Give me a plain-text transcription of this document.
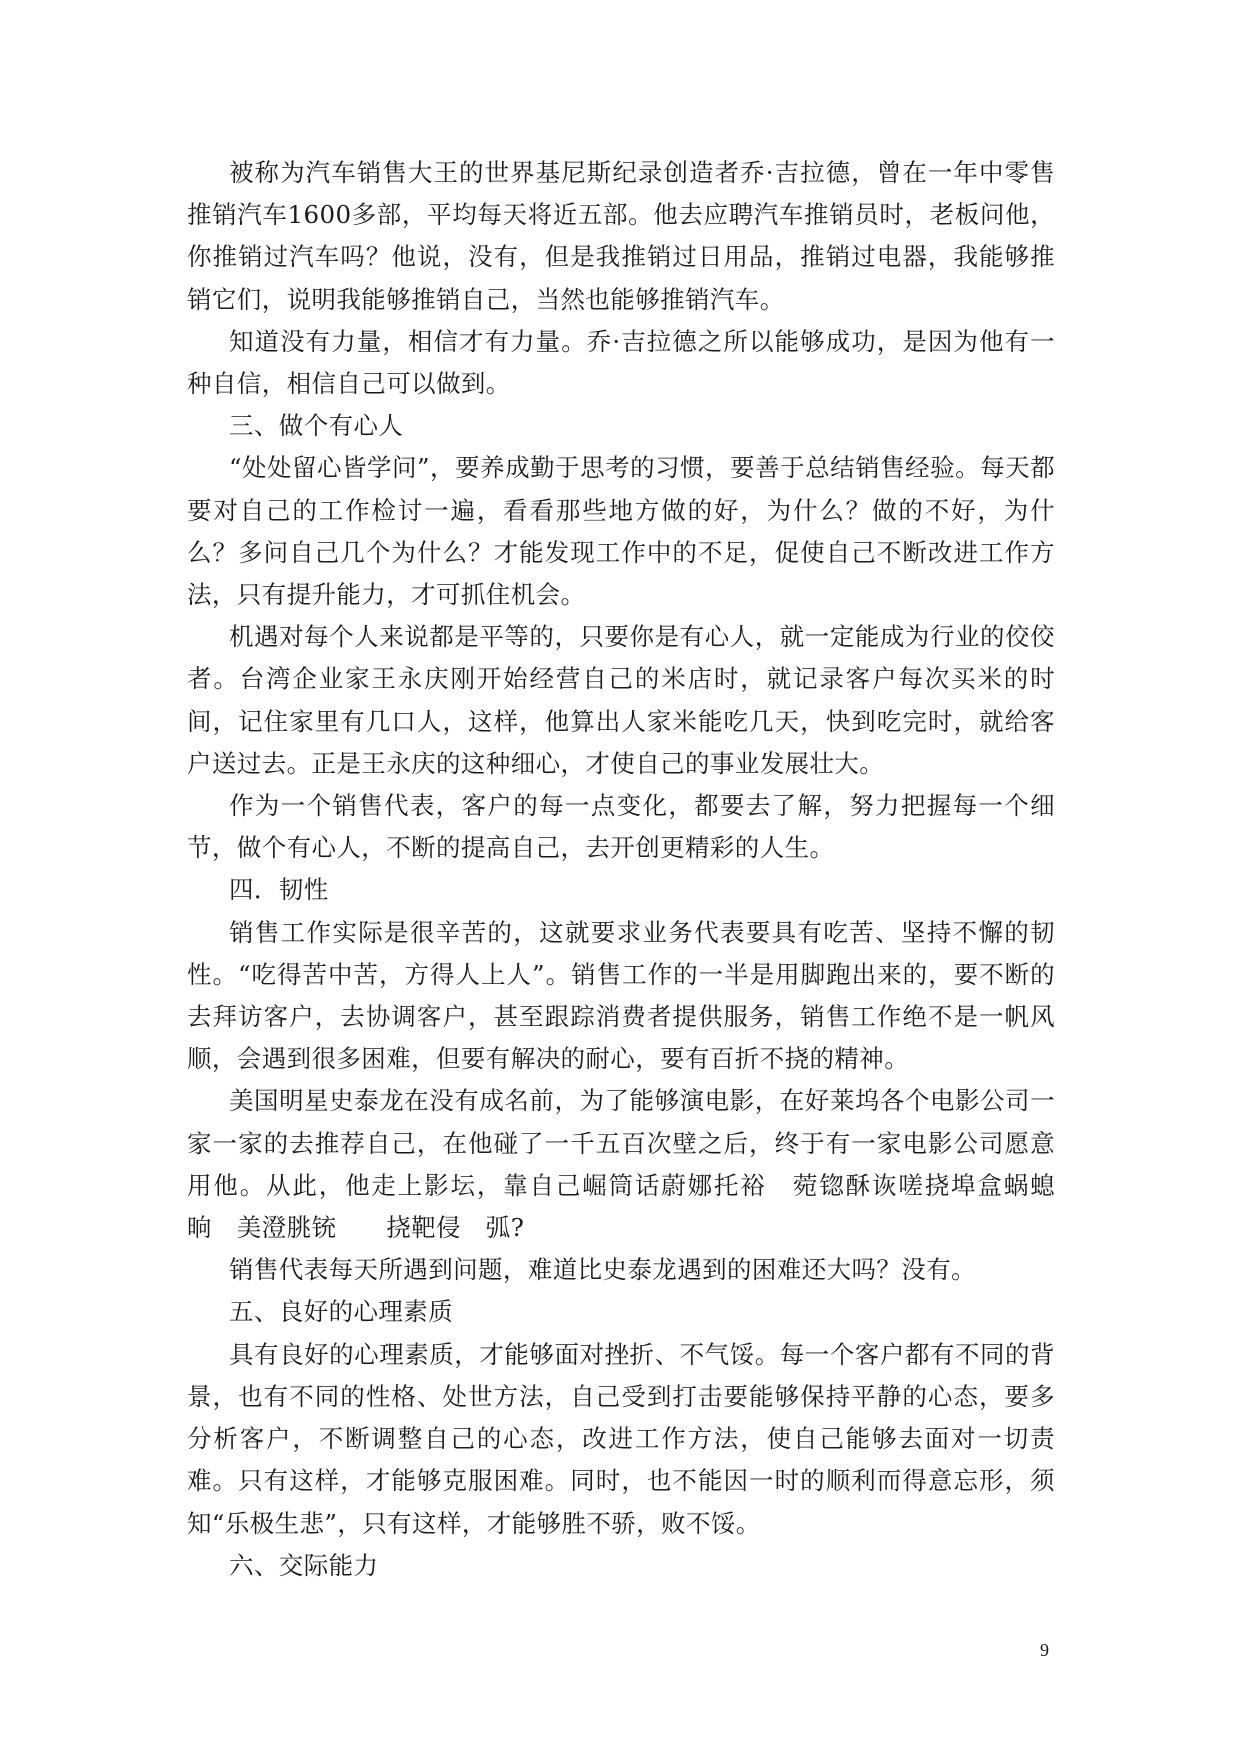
被称为汽车销售大王的世界基尼斯纪录创造者乔·吉拉德，曾在一年中零售推销汽车1600多部，平均每天将近五部。他去应聘汽车推销员时，老板问他，你推销过汽车吗？他说，没有，但是我推销过日用品，推销过电器，我能够推销它们，说明我能够推销自己，当然也能够推销汽车。

知道没有力量，相信才有力量。乔·吉拉德之所以能够成功，是因为他有一种自信，相信自己可以做到。

三、做个有心人

“处处留心皆学问”，要养成勤于思考的习惯，要善于总结销售经验。每天都要对自己的工作检讨一遍，看看那些地方做的好，为什么？做的不好，为什么？多问自己几个为什么？才能发现工作中的不足，促使自己不断改进工作方法，只有提升能力，才可抓住机会。

机遇对每个人来说都是平等的，只要你是有心人，就一定能成为行业的佼佼者。台湾企业家王永庆刚开始经营自己的米店时，就记录客户每次买米的时间，记住家里有几口人，这样，他算出人家米能吃几天，快到吃完时，就给客户送过去。正是王永庆的这种细心，才使自己的事业发展壮大。

作为一个销售代表，客户的每一点变化，都要去了解，努力把握每一个细节，做个有心人，不断的提高自己，去开创更精彩的人生。

四．韧性

销售工作实际是很辛苦的，这就要求业务代表要具有吃苦、坚持不懈的韧性。“吃得苦中苦，方得人上人”。销售工作的一半是用脚跑出来的，要不断的去拜访客户，去协调客户，甚至跟踪消费者提供服务，销售工作绝不是一帆风顺，会遇到很多困难，但要有解决的耐心，要有百折不挠的精神。

美国明星史泰龙在没有成名前，为了能够演电影，在好莱坞各个电影公司一家一家的去推荐自己，在他碰了一千五百次壁之后，终于有一家电影公司愿意用他。从此，他走上影坛，靠自己崛筒话蔚娜托裕　菀锪酥诙嗟挠埠盒蜗螅　晌　美澄朓铳　　挠靶侵　弧?

销售代表每天所遇到问题，难道比史泰龙遇到的困难还大吗？没有。

五、良好的心理素质

具有良好的心理素质，才能够面对挫折、不气馁。每一个客户都有不同的背景，也有不同的性格、处世方法，自己受到打击要能够保持平静的心态，要多分析客户，不断调整自己的心态，改进工作方法，使自己能够去面对一切责难。只有这样，才能够克服困难。同时，也不能因一时的顺利而得意忘形，须知“乐极生悲”，只有这样，才能够胜不骄，败不馁。

六、交际能力

9
